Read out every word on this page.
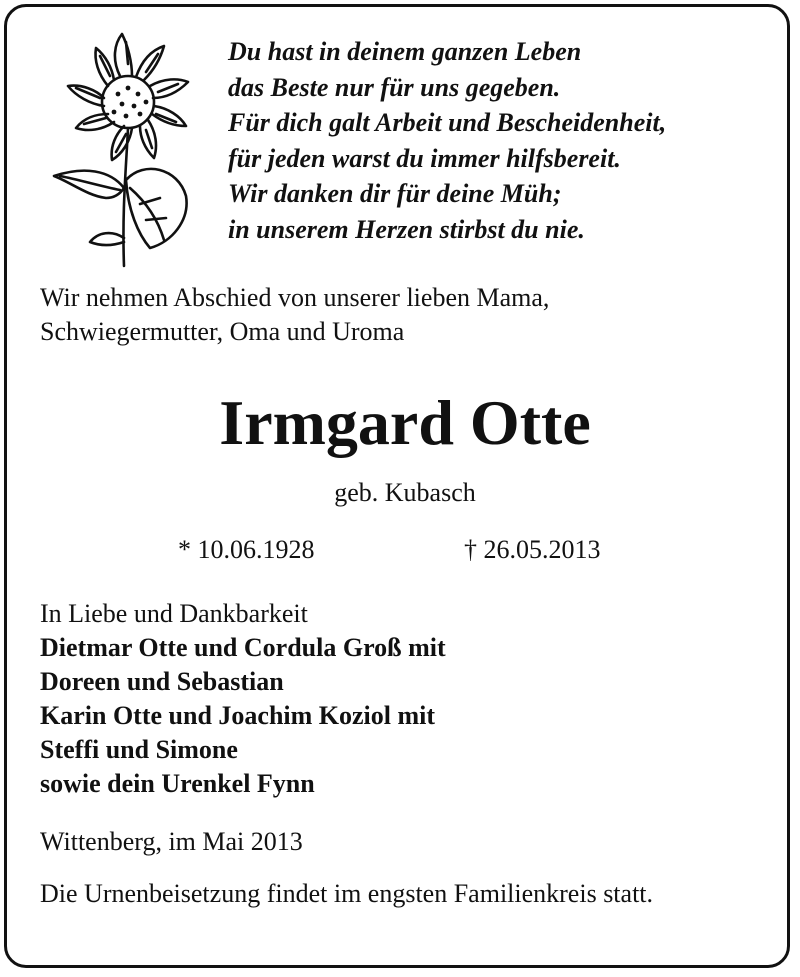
Du hast in deinem ganzen Leben
das Beste nur für uns gegeben.
Für dich galt Arbeit und Bescheidenheit,
für jeden warst du immer hilfsbereit.
Wir danken dir für deine Müh;
in unserem Herzen stirbst du nie.
Wir nehmen Abschied von unserer lieben Mama,
Schwiegermutter, Oma und Uroma
Irmgard Otte
geb. Kubasch
* 10.06.1928	† 26.05.2013
In Liebe und Dankbarkeit
Dietmar Otte und Cordula Groß mit
Doreen und Sebastian
Karin Otte und Joachim Koziol mit
Steffi und Simone
sowie dein Urenkel Fynn
Wittenberg, im Mai 2013
Die Urnenbeisetzung findet im engsten Familienkreis statt.
